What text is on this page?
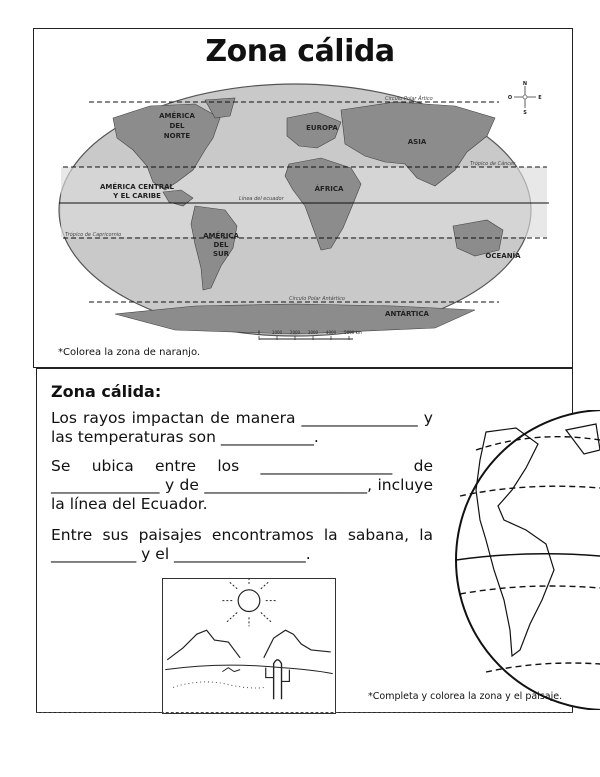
Zona cálida
Círculo Polar Ártico
Trópico de Cáncer
Línea del ecuador
Trópico de Capricornio
Círculo Polar Antártico
AMÉRICA
DEL
NORTE
EUROPA
ASIA
AMÉRICA CENTRAL
Y EL CARIBE
ÁFRICA
AMÉRICA
DEL
SUR	OCEANÍA
ANTÁRTICA
N
S
E
O
0	1000 2000 3000 4000 5000 km
*Colorea la zona de naranjo.
Zona cálida:
Los rayos impactan de manera _______________ y las temperaturas son ____________.
Se ubica entre los _________________ de ______________ y de _____________________, incluye la línea del Ecuador.
Entre sus paisajes encontramos la sabana, la ___________ y el _________________.
*Completa y colorea la zona y el paisaje.
